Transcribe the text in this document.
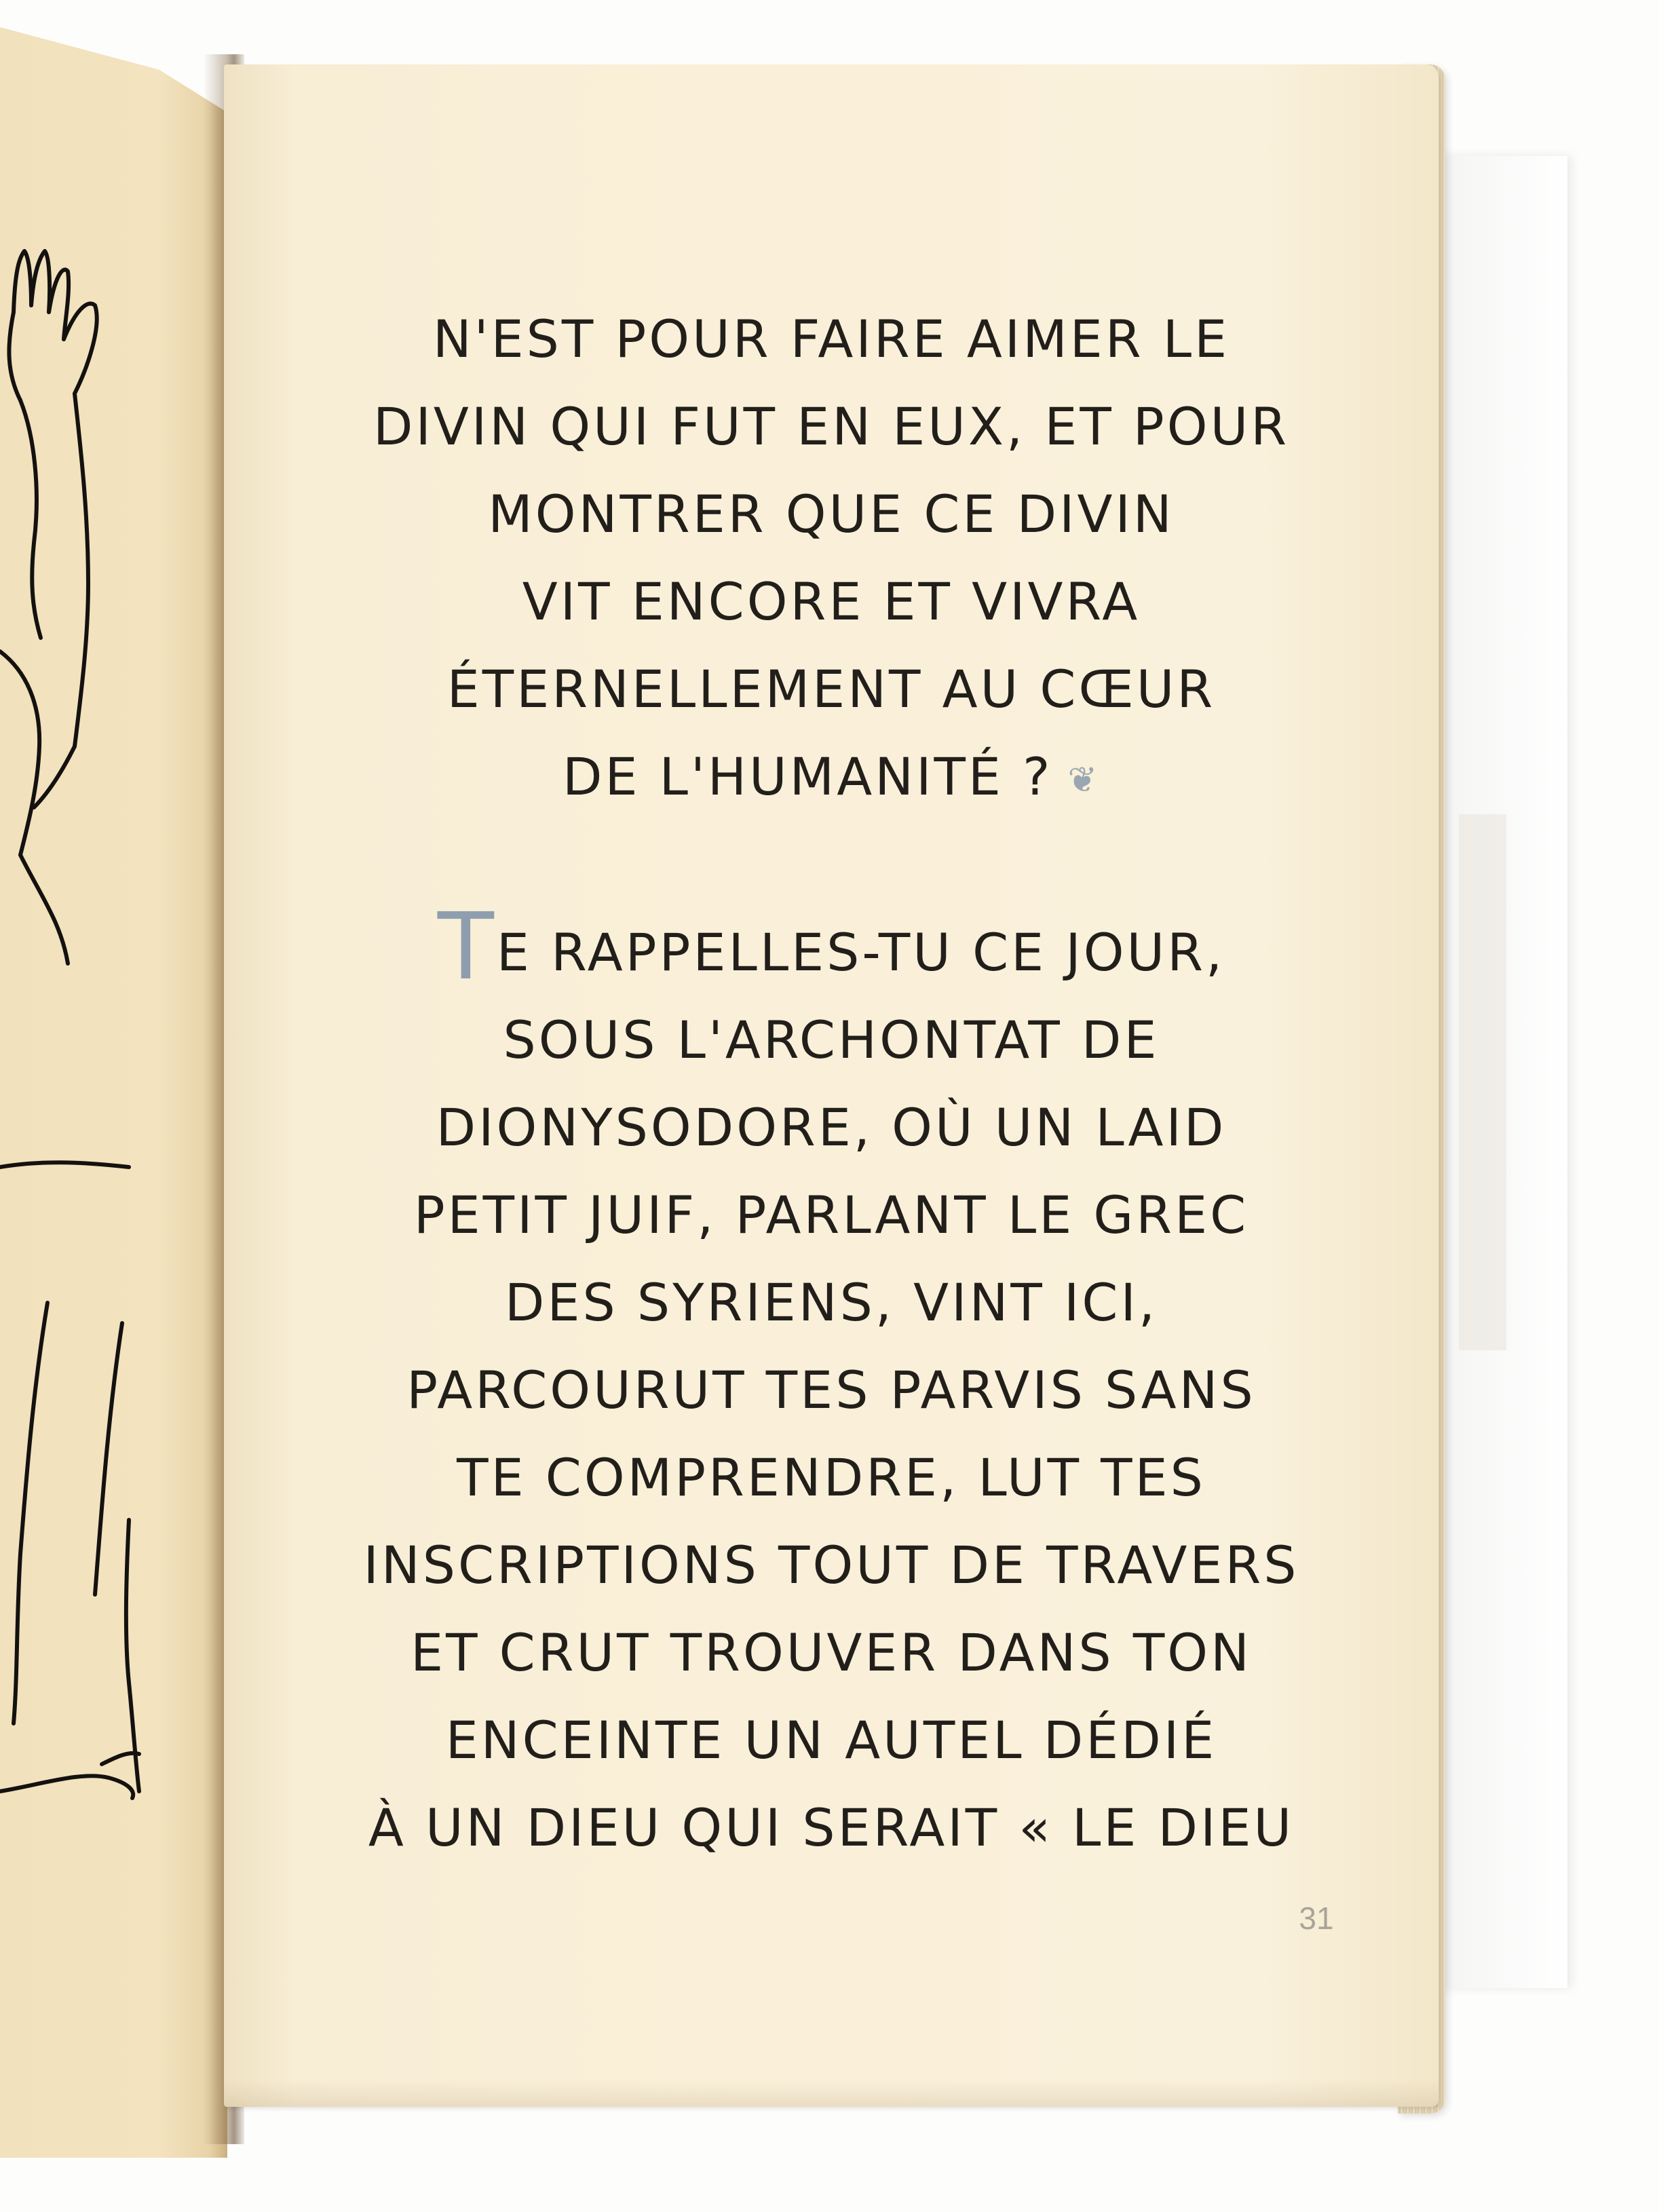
N'EST POUR FAIRE AIMER LE
DIVIN QUI FUT EN EUX, ET POUR
MONTRER QUE CE DIVIN
VIT ENCORE ET VIVRA
ÉTERNELLEMENT AU CŒUR
DE L'HUMANITÉ ? ❦
TE RAPPELLES-TU CE JOUR,
SOUS L'ARCHONTAT DE
DIONYSODORE, OÙ UN LAID
PETIT JUIF, PARLANT LE GREC
DES SYRIENS, VINT ICI,
PARCOURUT TES PARVIS SANS
TE COMPRENDRE, LUT TES
INSCRIPTIONS TOUT DE TRAVERS
ET CRUT TROUVER DANS TON
ENCEINTE UN AUTEL DÉDIÉ
À UN DIEU QUI SERAIT « LE DIEU
31
